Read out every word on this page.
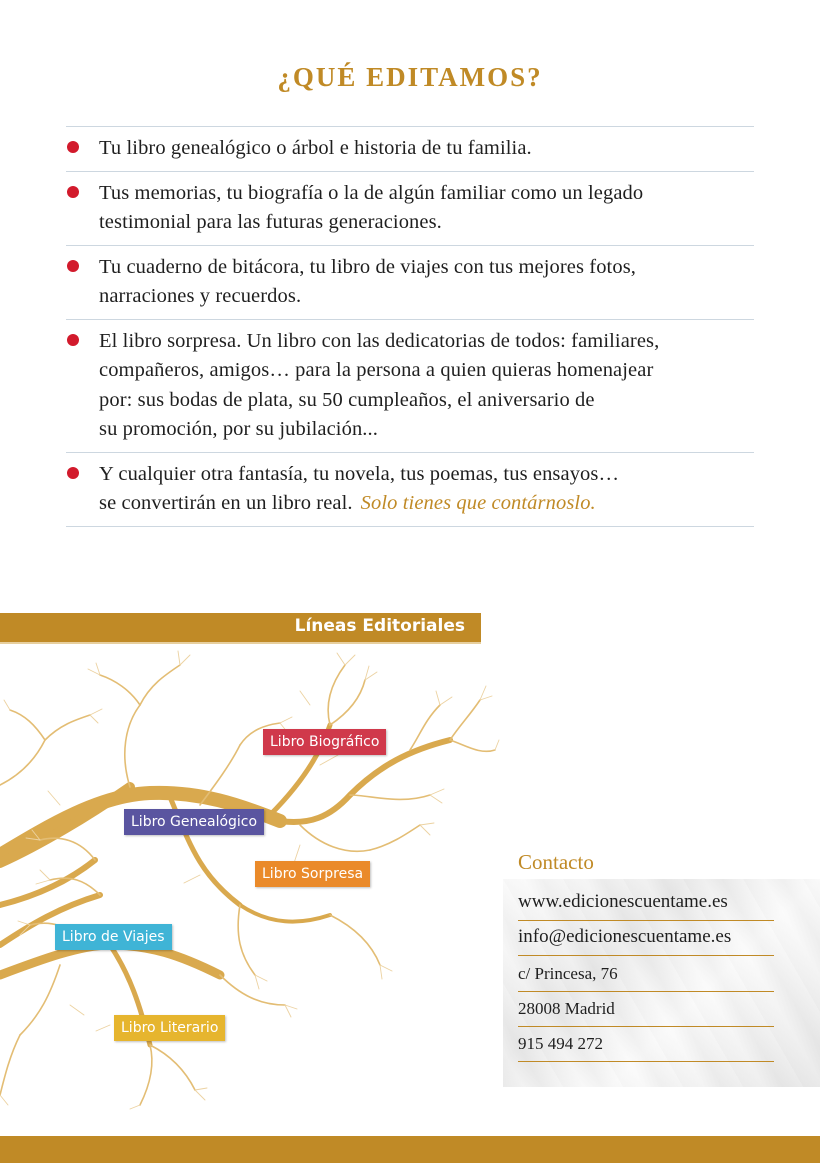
¿QUÉ EDITAMOS?
Tu libro genealógico o árbol e historia de tu familia.
Tus memorias, tu biografía o la de algún familiar como un legado
testimonial para las futuras generaciones.
Tu cuaderno de bitácora, tu libro de viajes con tus mejores fotos,
narraciones y recuerdos.
El libro sorpresa. Un libro con las dedicatorias de todos: familiares,
compañeros, amigos… para la persona a quien quieras homenajear
por: sus bodas de plata, su 50 cumpleaños, el aniversario de
su promoción, por su jubilación...
Y cualquier otra fantasía, tu novela, tus poemas, tus ensayos…
se convertirán en un libro real. Solo tienes que contárnoslo.
Líneas Editoriales
Libro Biográfico
Libro Genealógico
Libro Sorpresa
Libro de Viajes
Libro Literario
Contacto
www.edicionescuentame.es
info@edicionescuentame.es
c/ Princesa, 76
28008 Madrid
915 494 272
